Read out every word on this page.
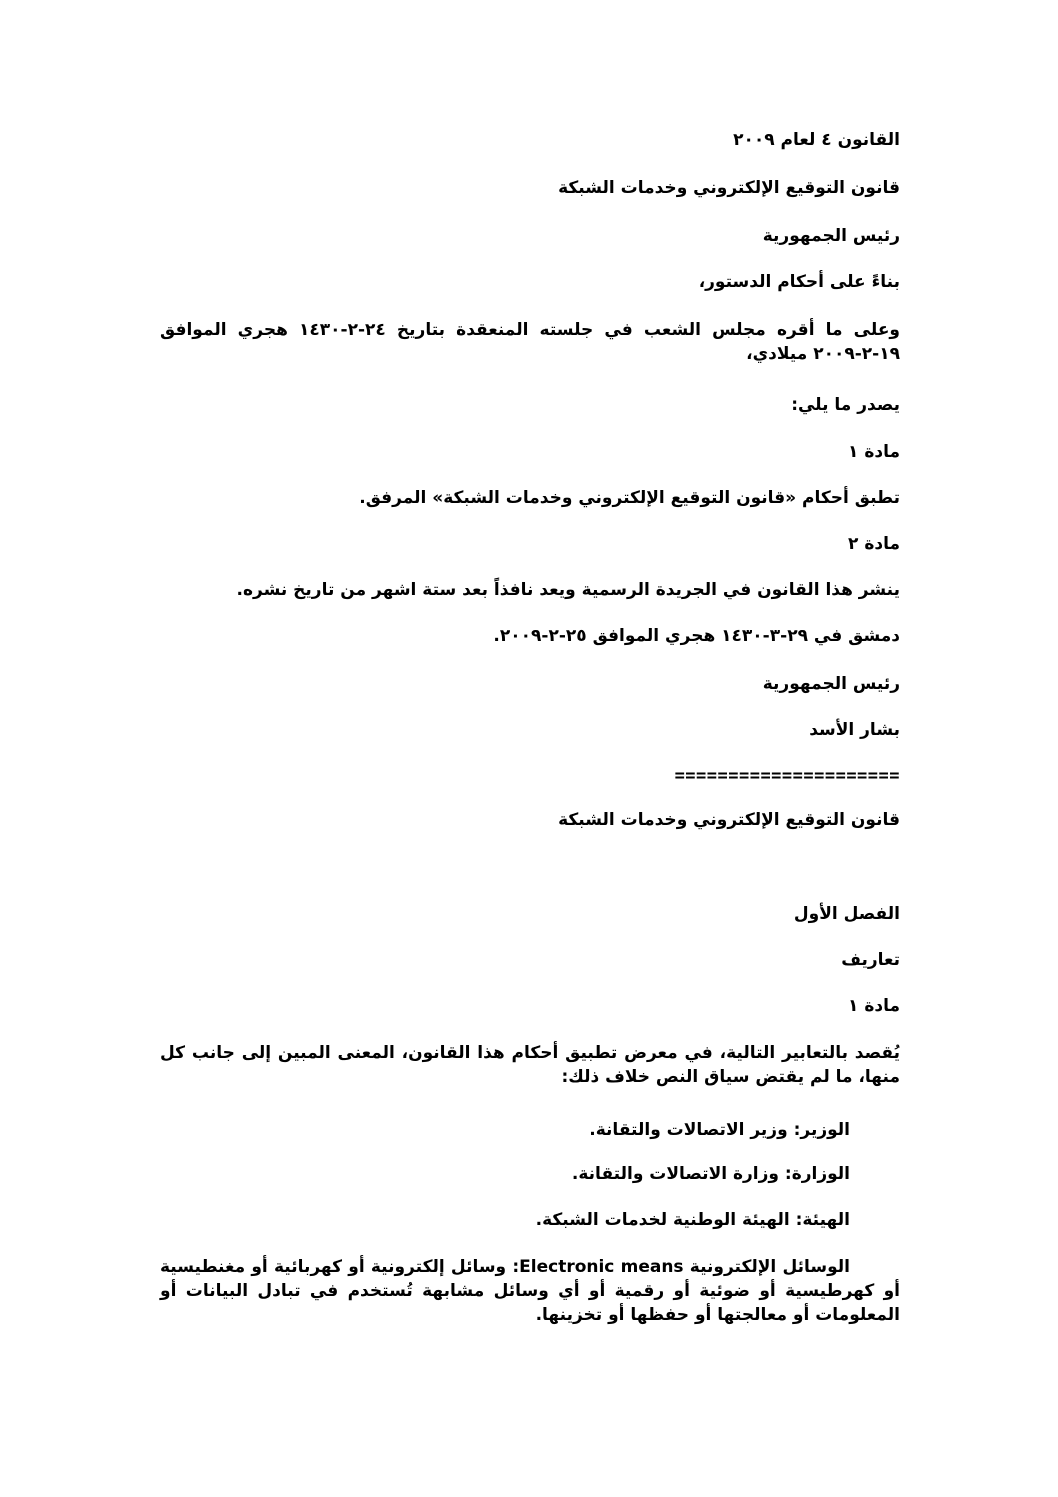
القانون ٤ لعام ٢٠٠٩
قانون التوقيع الإلكتروني وخدمات الشبكة
رئيس الجمهورية
بناءً على أحكام الدستور،
وعلى ما أقره مجلس الشعب في جلسته المنعقدة بتاريخ ٢٤-٢-١٤٣٠ هجري الموافق ١٩-٢-٢٠٠٩ ميلادي،
يصدر ما يلي:
مادة ١
تطبق أحكام «قانون التوقيع الإلكتروني وخدمات الشبكة» المرفق.
مادة ٢
ينشر هذا القانون في الجريدة الرسمية ويعد نافذاً بعد ستة اشهر من تاريخ نشره.
دمشق في ٢٩-٣-١٤٣٠ هجري الموافق ٢٥-٢-٢٠٠٩.
رئيس الجمهورية
بشار الأسد
=====================
قانون التوقيع الإلكتروني وخدمات الشبكة
الفصل الأول
تعاريف
مادة ١
يُقصد بالتعابير التالية، في معرض تطبيق أحكام هذا القانون، المعنى المبين إلى جانب كل منها، ما لم يقتض سياق النص خلاف ذلك:
الوزير: وزير الاتصالات والتقانة.
الوزارة: وزارة الاتصالات والتقانة.
الهيئة: الهيئة الوطنية لخدمات الشبكة.
الوسائل الإلكترونية Electronic means: وسائل إلكترونية أو كهربائية أو مغنطيسية أو كهرطيسية أو ضوئية أو رقمية أو أي وسائل مشابهة تُستخدم في تبادل البيانات أو المعلومات أو معالجتها أو حفظها أو تخزينها.
